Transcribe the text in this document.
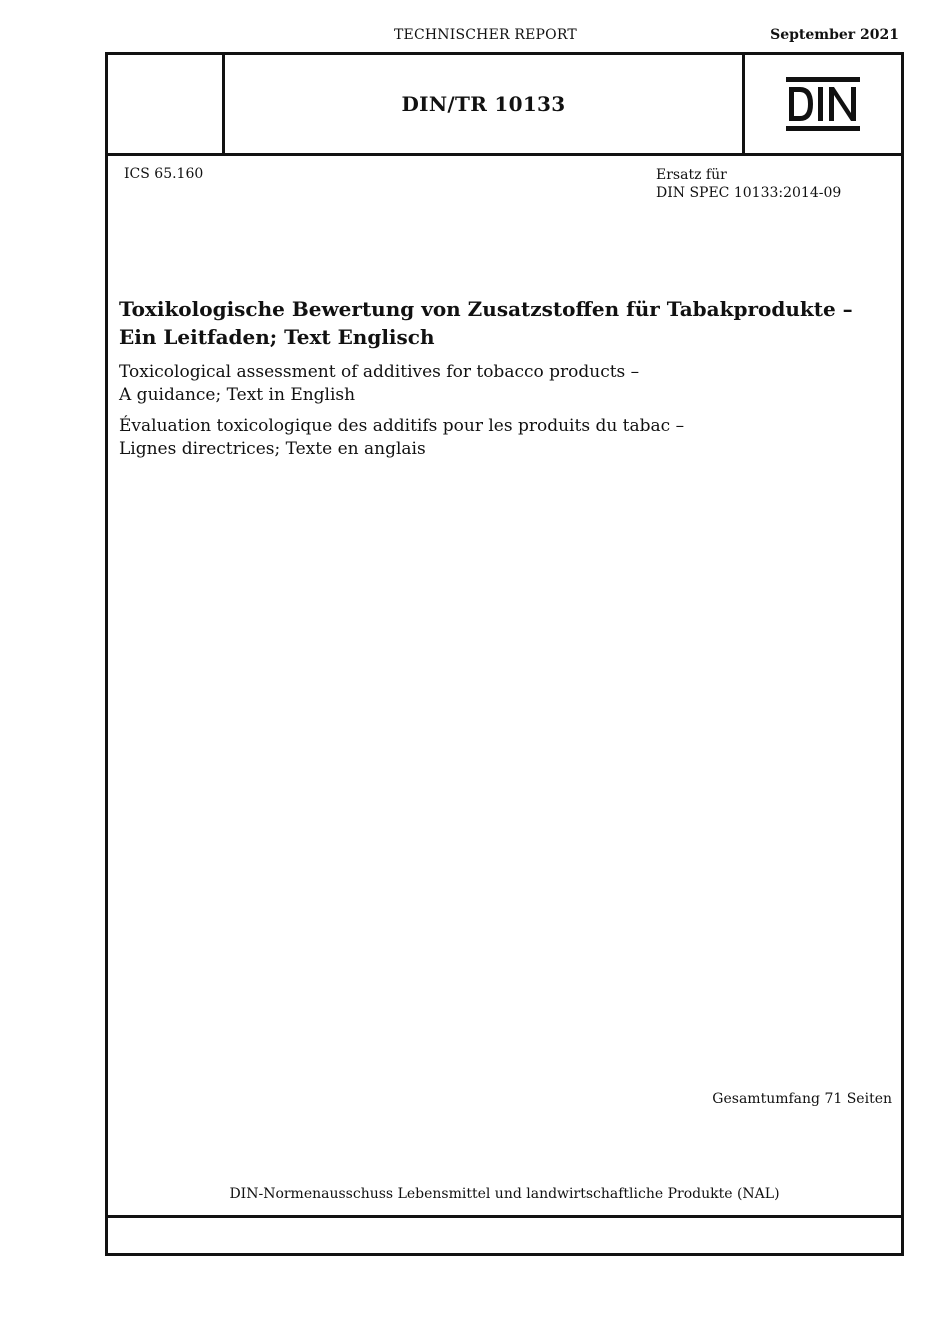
TECHNISCHER REPORT	September 2021
DIN/TR 10133
ICS 65.160	Ersatz für
DIN SPEC 10133:2014-09
Toxikologische Bewertung von Zusatzstoffen für Tabakprodukte –
Ein Leitfaden; Text Englisch
Toxicological assessment of additives for tobacco products –
A guidance; Text in English
Évaluation toxicologique des additifs pour les produits du tabac –
Lignes directrices; Texte en anglais
Gesamtumfang 71 Seiten
DIN-Normenausschuss Lebensmittel und landwirtschaftliche Produkte (NAL)
